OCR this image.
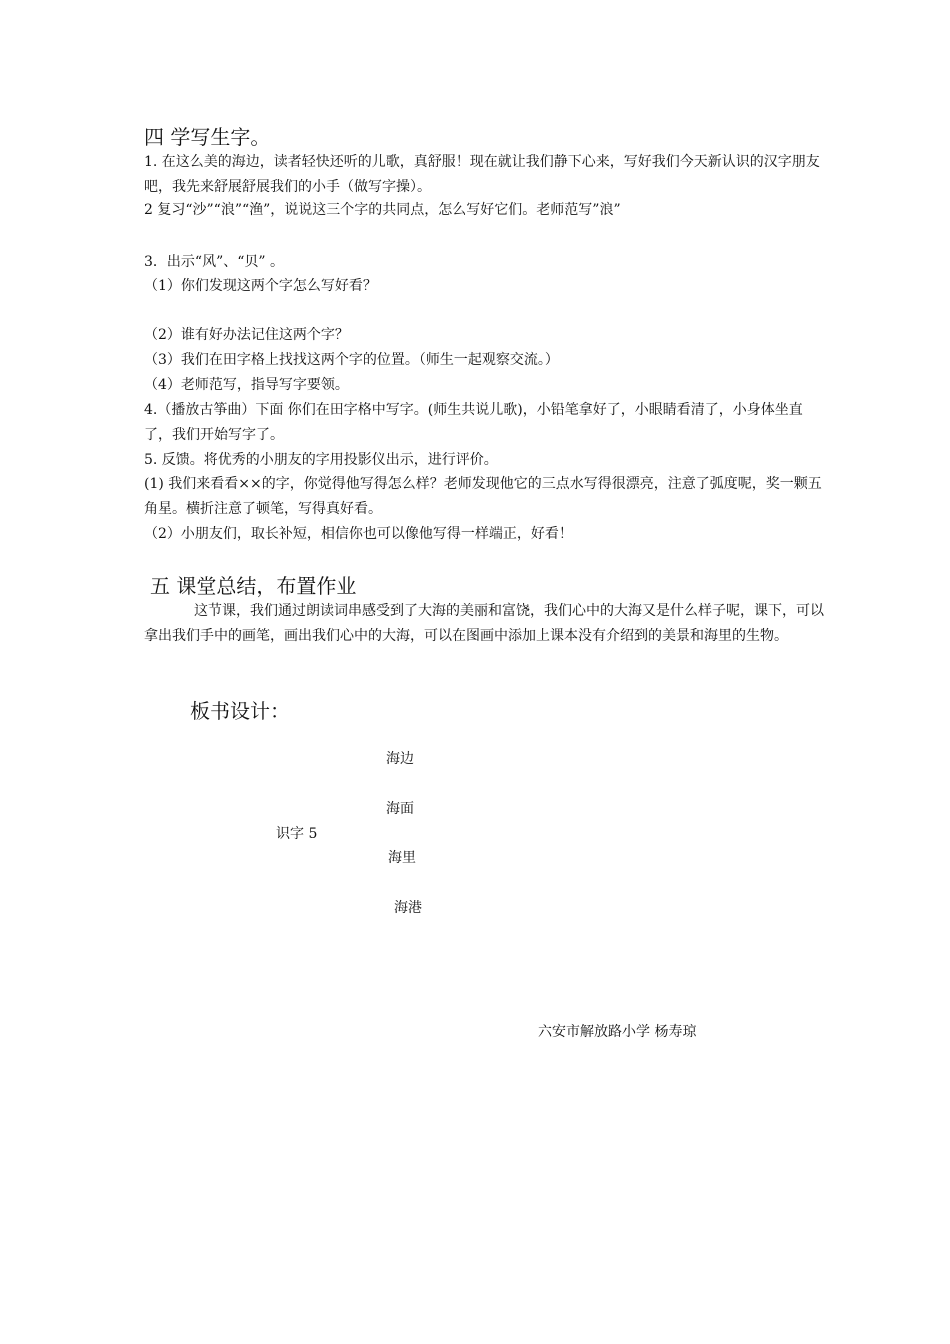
四 学写生字。
1. 在这么美的海边，读者轻快还听的儿歌，真舒服！现在就让我们静下心来，写好我们今天新认识的汉字朋友吧，我先来舒展舒展我们的小手（做写字操）。
2 复习“沙”“浪”“渔”，说说这三个字的共同点，怎么写好它们。老师范写”浪”
3．出示“风”、“贝” 。
（1）你们发现这两个字怎么写好看？
（2）谁有好办法记住这两个字？
（3）我们在田字格上找找这两个字的位置。（师生一起观察交流。）
（4）老师范写，指导写字要领。
4.（播放古筝曲）下面 你们在田字格中写字。(师生共说儿歌)，小铅笔拿好了，小眼睛看清了，小身体坐直了，我们开始写字了。
5. 反馈。将优秀的小朋友的字用投影仪出示，进行评价。
(1) 我们来看看××的字，你觉得他写得怎么样？老师发现他它的三点水写得很漂亮，注意了弧度呢，奖一颗五角星。横折注意了顿笔，写得真好看。
（2）小朋友们，取长补短，相信你也可以像他写得一样端正，好看！
五 课堂总结，布置作业
这节课，我们通过朗读词串感受到了大海的美丽和富饶，我们心中的大海又是什么样子呢，课下，可以拿出我们手中的画笔，画出我们心中的大海，可以在图画中添加上课本没有介绍到的美景和海里的生物。
板书设计：
海边
海面
识字 5
海里
海港
六安市解放路小学 杨寿琼
